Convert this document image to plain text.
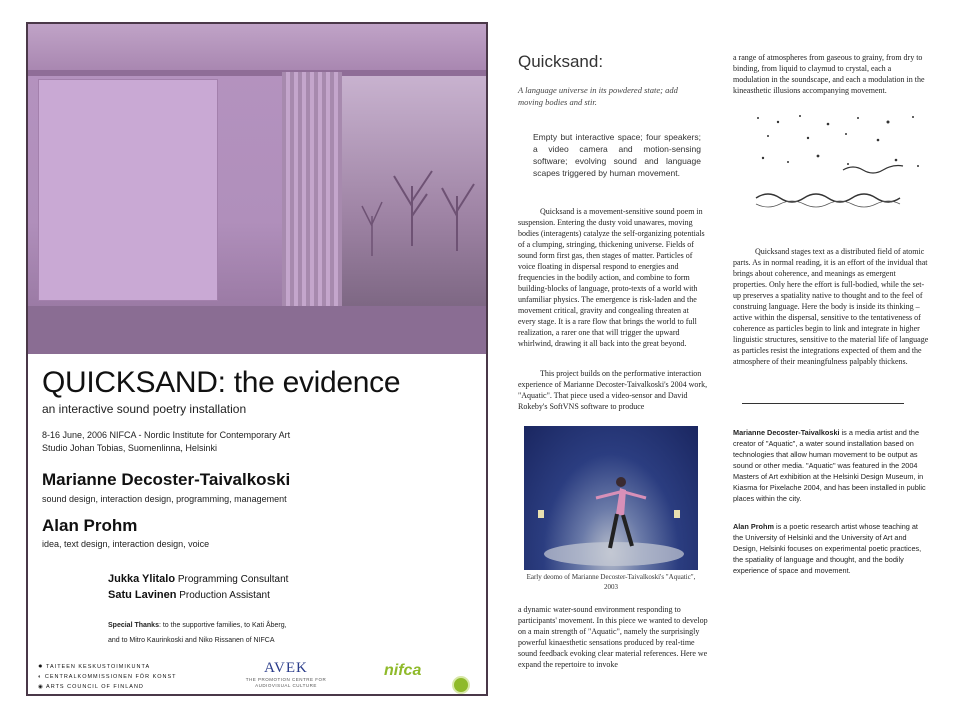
QUICKSAND: the evidence
an interactive sound poetry installation
8-16 June, 2006 NIFCA - Nordic Institute for Contemporary Art
Studio Johan Tobias, Suomenlinna, Helsinki
Marianne Decoster-Taivalkoski
sound design, interaction design, programming, management
Alan Prohm
idea, text design, interaction design, voice
Jukka Ylitalo Programming Consultant
Satu Lavinen Production Assistant
Special Thanks: to the supportive families, to Kati Åberg,
and to Mitro Kaurinkoski and Niko Rissanen of NIFCA
✹ TAITEEN KESKUSTOIMIKUNTA
◐ CENTRALKOMMISSIONEN FÖR KONST
◉ ARTS COUNCIL OF FINLAND
AVEK
THE PROMOTION CENTRE FOR
AUDIOVISUAL CULTURE
nifca
Quicksand:
A language universe in its powdered state; add moving bodies and stir.
Empty but interactive space; four speakers; a video camera and motion-sensing software; evolving sound and language scapes triggered by human movement.
Quicksand is a movement-sensitive sound poem in suspension. Entering the dusty void unawares, moving bodies (interagents) catalyze the self-organizing potentials of a clumping, stringing, thickening universe. Fields of sound form first gas, then stages of matter. Particles of voice floating in dispersal respond to energies and frequencies in the bodily action, and combine to form building-blocks of language, proto-texts of a world with unfamiliar physics. The emergence is risk-laden and the movement critical, gravity and congealing threaten at every stage. It is a rare flow that brings the world to full realization, a rarer one that will trigger the upward whirlwind, drawing it all back into the great beyond.
This project builds on the performative interaction experience of Marianne Decoster-Taivalkoski's 2004 work, "Aquatic". That piece used a video-sensor and David Rokeby's SoftVNS software to produce
Early deomo of Marianne Decoster-Taivalkoski's "Aquatic",
2003
a dynamic water-sound environment responding to participants' movement. In this piece we wanted to develop on a main strength of "Aquatic", namely the surprisingly powerful kinaesthetic sensations produced by real-time sound feedback evoking clear material references. Here we expand the repertoire to invoke
a range of atmospheres from gaseous to grainy, from dry to binding, from liquid to claymud to crystal, each a modulation in the soundscape, and each a modulation in the kineasthetic illusions accompanying movement.
Quicksand stages text as a distributed field of atomic parts. As in normal reading, it is an effort of the invidual that brings about coherence, and meanings as emergent properties. Only here the effort is full-bodied, while the set-up preserves a spatiality native to thought and to the feel of construing language. Here the body is inside its thinking – active within the dispersal, sensitive to the tentativeness of coherence as particles begin to link and integrate in higher linguistic structures, sensitive to the material life of language as particles resist the integrations expected of them and the atmosphere of their meaningfulness palpably thickens.
Marianne Decoster-Taivalkoski is a media artist and the creator of "Aquatic", a water sound installation based on technologies that allow human movement to be output as sound or other media. "Aquatic" was featured in the 2004 Masters of Art exhibition at the Helsinki Design Museum, in Kiasma for Pixelache 2004, and has been installed in public places within the city.
Alan Prohm is a poetic research artist whose teaching at the University of Helsinki and the University of Art and Design, Helsinki focuses on experimental poetic practices, the spatiality of language and thought, and the bodily experience of space and movement.
